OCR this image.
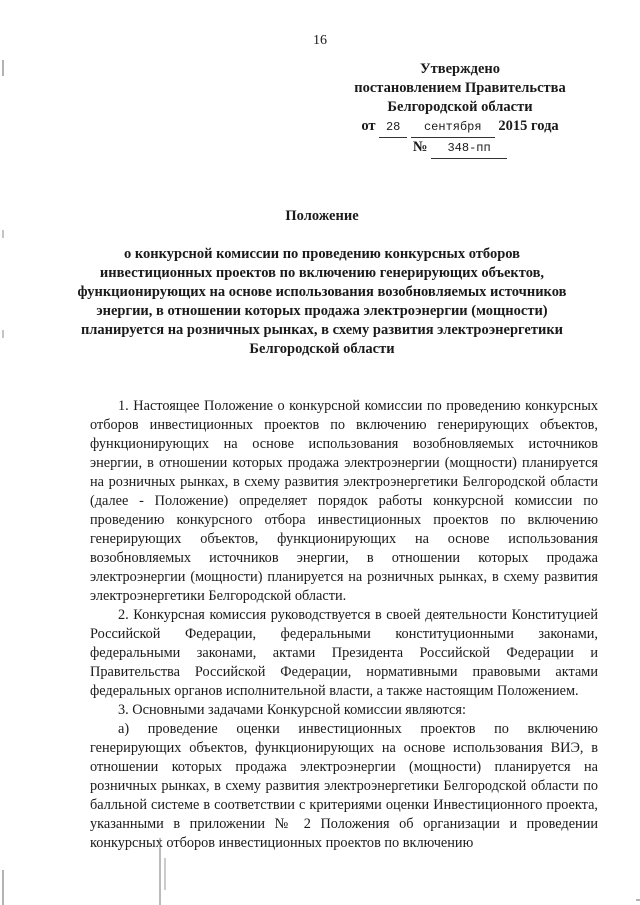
16
Утверждено
постановлением Правительства
Белгородской области
от 28 сентября 2015 года
№ 348-пп
Положение
о конкурсной комиссии по проведению конкурсных отборов
инвестиционных проектов по включению генерирующих объектов,
функционирующих на основе использования возобновляемых источников
энергии, в отношении которых продажа электроэнергии (мощности)
планируется на розничных рынках, в схему развития электроэнергетики
Белгородской области

1. Настоящее Положение о конкурсной комиссии по проведению конкурсных отборов инвестиционных проектов по включению генерирующих объектов, функционирующих на основе использования возобновляемых источников энергии, в отношении которых продажа электроэнергии (мощности) планируется на розничных рынках, в схему развития электроэнергетики Белгородской области (далее - Положение) определяет порядок работы конкурсной комиссии по проведению конкурсного отбора инвестиционных проектов по включению генерирующих объектов, функционирующих на основе использования возобновляемых источников энергии, в отношении которых продажа электроэнергии (мощности) планируется на розничных рынках, в схему развития электроэнергетики Белгородской области.

2. Конкурсная комиссия руководствуется в своей деятельности Конституцией Российской Федерации, федеральными конституционными законами, федеральными законами, актами Президента Российской Федерации и Правительства Российской Федерации, нормативными правовыми актами федеральных органов исполнительной власти, а также настоящим Положением.

3. Основными задачами Конкурсной комиссии являются:

а) проведение оценки инвестиционных проектов по включению генерирующих объектов, функционирующих на основе использования ВИЭ, в отношении которых продажа электроэнергии (мощности) планируется на розничных рынках, в схему развития электроэнергетики Белгородской области по балльной системе в соответствии с критериями оценки Инвестиционного проекта, указанными в приложении № 2 Положения об организации и проведении конкурсных отборов инвестиционных проектов по включению
